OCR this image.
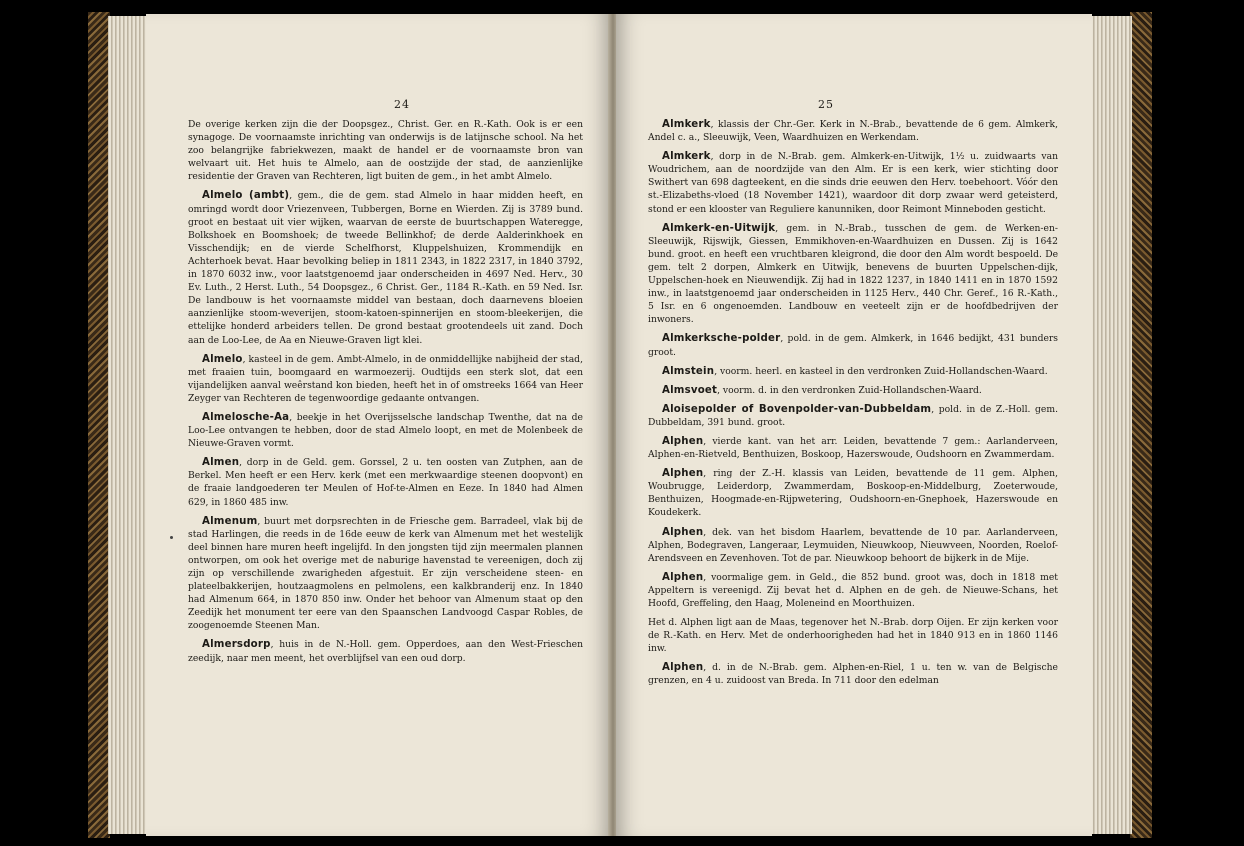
24

De overige kerken zijn die der Doopsgez., Christ. Ger. en R.-Kath. Ook is er een synagoge. De voornaamste inrichting van onderwijs is de latijnsche school. Na het zoo belangrijke fabriekwezen, maakt de handel er de voornaamste bron van welvaart uit. Het huis te Almelo, aan de oostzijde der stad, de aanzienlijke residentie der Graven van Rechteren, ligt buiten de gem., in het ambt Almelo.

Almelo (ambt), gem., die de gem. stad Almelo in haar midden heeft, en omringd wordt door Vriezenveen, Tubbergen, Borne en Wierden. Zij is 3789 bund. groot en bestaat uit vier wijken, waarvan de eerste de buurtschappen Wateregge, Bolkshoek en Boomshoek; de tweede Bellinkhof; de derde Aalderinkhoek en Visschendijk; en de vierde Schelfhorst, Kluppelshuizen, Krommendijk en Achterhoek bevat. Haar bevolking beliep in 1811 2343, in 1822 2317, in 1840 3792, in 1870 6032 inw., voor laatstgenoemd jaar onderscheiden in 4697 Ned. Herv., 30 Ev. Luth., 2 Herst. Luth., 54 Doopsgez., 6 Christ. Ger., 1184 R.-Kath. en 59 Ned. Isr. De landbouw is het voornaamste middel van bestaan, doch daarnevens bloeien aanzienlijke stoom-weverijen, stoom-katoen-spinnerijen en stoom-bleekerijen, die ettelijke honderd arbeiders tellen. De grond bestaat grootendeels uit zand. Doch aan de Loo-Lee, de Aa en Nieuwe-Graven ligt klei.

Almelo, kasteel in de gem. Ambt-Almelo, in de onmiddellijke nabijheid der stad, met fraaien tuin, boomgaard en warmoezerij. Oudtijds een sterk slot, dat een vijandelijken aanval weêrstand kon bieden, heeft het in of omstreeks 1664 van Heer Zeyger van Rechteren de tegenwoordige gedaante ontvangen.

Almelosche-Aa, beekje in het Overijsselsche landschap Twenthe, dat na de Loo-Lee ontvangen te hebben, door de stad Almelo loopt, en met de Molenbeek de Nieuwe-Graven vormt.

Almen, dorp in de Geld. gem. Gorssel, 2 u. ten oosten van Zutphen, aan de Berkel. Men heeft er een Herv. kerk (met een merkwaardige steenen doopvont) en de fraaie landgoederen ter Meulen of Hof-te-Almen en Eeze. In 1840 had Almen 629, in 1860 485 inw.

Almenum, buurt met dorpsrechten in de Friesche gem. Barradeel, vlak bij de stad Harlingen, die reeds in de 16de eeuw de kerk van Almenum met het westelijk deel binnen hare muren heeft ingelijfd. In den jongsten tijd zijn meermalen plannen ontworpen, om ook het overige met de naburige havenstad te vereenigen, doch zij zijn op verschillende zwarigheden afgestuit. Er zijn verscheidene steen- en plateelbakkerijen, houtzaagmolens en pelmolens, een kalkbranderij enz. In 1840 had Almenum 664, in 1870 850 inw. Onder het behoor van Almenum staat op den Zeedijk het monument ter eere van den Spaanschen Landvoogd Caspar Robles, de zoogenoemde Steenen Man.

Almersdorp, huis in de N.-Holl. gem. Opperdoes, aan den West-Frieschen zeedijk, naar men meent, het overblijfsel van een oud dorp.

25

Almkerk, klassis der Chr.-Ger. Kerk in N.-Brab., bevattende de 6 gem. Almkerk, Andel c. a., Sleeuwijk, Veen, Waardhuizen en Werkendam.

Almkerk, dorp in de N.-Brab. gem. Almkerk-en-Uitwijk, 1½ u. zuidwaarts van Woudrichem, aan de noordzijde van den Alm. Er is een kerk, wier stichting door Swithert van 698 dagteekent, en die sinds drie eeuwen den Herv. toebehoort. Vóór den st.-Elizabeths-vloed (18 November 1421), waardoor dit dorp zwaar werd geteisterd, stond er een klooster van Reguliere kanunniken, door Reimont Minneboden gesticht.

Almkerk-en-Uitwijk, gem. in N.-Brab., tusschen de gem. de Werken-en-Sleeuwijk, Rijswijk, Giessen, Emmikhoven-en-Waardhuizen en Dussen. Zij is 1642 bund. groot. en heeft een vruchtbaren kleigrond, die door den Alm wordt bespoeld. De gem. telt 2 dorpen, Almkerk en Uitwijk, benevens de buurten Uppelschen-dijk, Uppelschen-hoek en Nieuwendijk. Zij had in 1822 1237, in 1840 1411 en in 1870 1592 inw., in laatstgenoemd jaar onderscheiden in 1125 Herv., 440 Chr. Geref., 16 R.-Kath., 5 Isr. en 6 ongenoemden. Landbouw en veeteelt zijn er de hoofdbedrijven der inwoners.

Almkerksche-polder, pold. in de gem. Almkerk, in 1646 bedijkt, 431 bunders groot.

Almstein, voorm. heerl. en kasteel in den verdronken Zuid-Hollandschen-Waard.

Almsvoet, voorm. d. in den verdronken Zuid-Hollandschen-Waard.

Aloisepolder of Bovenpolder-van-Dubbeldam, pold. in de Z.-Holl. gem. Dubbeldam, 391 bund. groot.

Alphen, vierde kant. van het arr. Leiden, bevattende 7 gem.: Aarlanderveen, Alphen-en-Rietveld, Benthuizen, Boskoop, Hazerswoude, Oudshoorn en Zwammerdam.

Alphen, ring der Z.-H. klassis van Leiden, bevattende de 11 gem. Alphen, Woubrugge, Leiderdorp, Zwammerdam, Boskoop-en-Middelburg, Zoeterwoude, Benthuizen, Hoogmade-en-Rijpwetering, Oudshoorn-en-Gnephoek, Hazerswoude en Koudekerk.

Alphen, dek. van het bisdom Haarlem, bevattende de 10 par. Aarlanderveen, Alphen, Bodegraven, Langeraar, Leymuiden, Nieuwkoop, Nieuwveen, Noorden, Roelof-Arendsveen en Zevenhoven. Tot de par. Nieuwkoop behoort de bijkerk in de Mije.

Alphen, voormalige gem. in Geld., die 852 bund. groot was, doch in 1818 met Appeltern is vereenigd. Zij bevat het d. Alphen en de geh. de Nieuwe-Schans, het Hoofd, Greffeling, den Haag, Moleneind en Moorthuizen.

Het d. Alphen ligt aan de Maas, tegenover het N.-Brab. dorp Oijen. Er zijn kerken voor de R.-Kath. en Herv. Met de onderhoorigheden had het in 1840 913 en in 1860 1146 inw.

Alphen, d. in de N.-Brab. gem. Alphen-en-Riel, 1 u. ten w. van de Belgische grenzen, en 4 u. zuidoost van Breda. In 711 door den edelman
